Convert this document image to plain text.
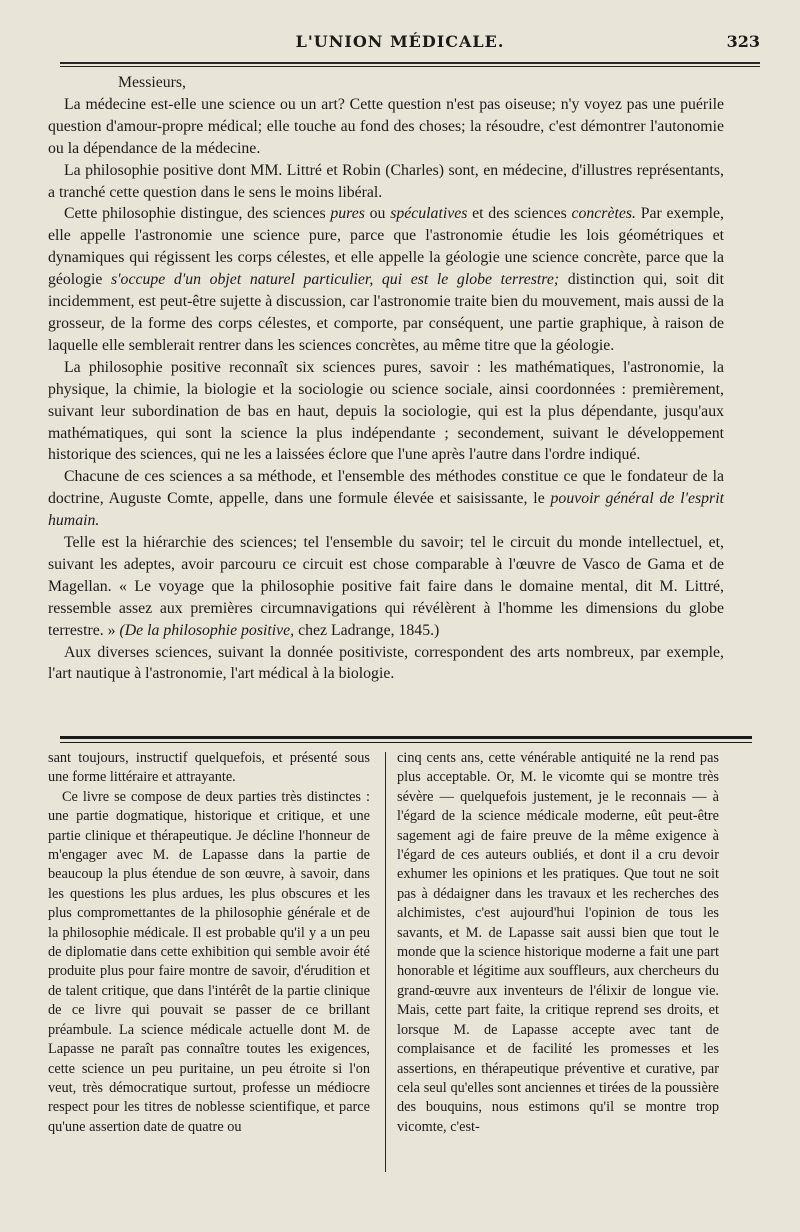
L'UNION MÉDICALE.	323

Messieurs,

La médecine est-elle une science ou un art? Cette question n'est pas oiseuse; n'y voyez pas une puérile question d'amour-propre médical; elle touche au fond des choses; la résoudre, c'est démontrer l'autonomie ou la dépendance de la médecine.

La philosophie positive dont MM. Littré et Robin (Charles) sont, en médecine, d'illustres représentants, a tranché cette question dans le sens le moins libéral.

Cette philosophie distingue, des sciences pures ou spéculatives et des sciences concrètes. Par exemple, elle appelle l'astronomie une science pure, parce que l'astronomie étudie les lois géométriques et dynamiques qui régissent les corps célestes, et elle appelle la géologie une science concrète, parce que la géologie s'occupe d'un objet naturel particulier, qui est le globe terrestre; distinction qui, soit dit incidemment, est peut-être sujette à discussion, car l'astronomie traite bien du mouvement, mais aussi de la grosseur, de la forme des corps célestes, et comporte, par conséquent, une partie graphique, à raison de laquelle elle semblerait rentrer dans les sciences concrètes, au même titre que la géologie.

La philosophie positive reconnaît six sciences pures, savoir : les mathématiques, l'astronomie, la physique, la chimie, la biologie et la sociologie ou science sociale, ainsi coordonnées : premièrement, suivant leur subordination de bas en haut, depuis la sociologie, qui est la plus dépendante, jusqu'aux mathématiques, qui sont la science la plus indépendante ; secondement, suivant le développement historique des sciences, qui ne les a laissées éclore que l'une après l'autre dans l'ordre indiqué.

Chacune de ces sciences a sa méthode, et l'ensemble des méthodes constitue ce que le fondateur de la doctrine, Auguste Comte, appelle, dans une formule élevée et saisissante, le pouvoir général de l'esprit humain.

Telle est la hiérarchie des sciences; tel l'ensemble du savoir; tel le circuit du monde intellectuel, et, suivant les adeptes, avoir parcouru ce circuit est chose comparable à l'œuvre de Vasco de Gama et de Magellan. « Le voyage que la philosophie positive fait faire dans le domaine mental, dit M. Littré, ressemble assez aux premières circumnavigations qui révélèrent à l'homme les dimensions du globe terrestre. » (De la philosophie positive, chez Ladrange, 1845.)

Aux diverses sciences, suivant la donnée positiviste, correspondent des arts nombreux, par exemple, l'art nautique à l'astronomie, l'art médical à la biologie.

sant toujours, instructif quelquefois, et présenté sous une forme littéraire et attrayante.

Ce livre se compose de deux parties très distinctes : une partie dogmatique, historique et critique, et une partie clinique et thérapeutique. Je décline l'honneur de m'engager avec M. de Lapasse dans la partie de beaucoup la plus étendue de son œuvre, à savoir, dans les questions les plus ardues, les plus obscures et les plus compromettantes de la philosophie générale et de la philosophie médicale. Il est probable qu'il y a un peu de diplomatie dans cette exhibition qui semble avoir été produite plus pour faire montre de savoir, d'érudition et de talent critique, que dans l'intérêt de la partie clinique de ce livre qui pouvait se passer de ce brillant préambule. La science médicale actuelle dont M. de Lapasse ne paraît pas connaître toutes les exigences, cette science un peu puritaine, un peu étroite si l'on veut, très démocratique surtout, professe un médiocre respect pour les titres de noblesse scientifique, et parce qu'une assertion date de quatre ou

cinq cents ans, cette vénérable antiquité ne la rend pas plus acceptable. Or, M. le vicomte qui se montre très sévère — quelquefois justement, je le reconnais — à l'égard de la science médicale moderne, eût peut-être sagement agi de faire preuve de la même exigence à l'égard de ces auteurs oubliés, et dont il a cru devoir exhumer les opinions et les pratiques. Que tout ne soit pas à dédaigner dans les travaux et les recherches des alchimistes, c'est aujourd'hui l'opinion de tous les savants, et M. de Lapasse sait aussi bien que tout le monde que la science historique moderne a fait une part honorable et légitime aux souffleurs, aux chercheurs du grand-œuvre aux inventeurs de l'élixir de longue vie. Mais, cette part faite, la critique reprend ses droits, et lorsque M. de Lapasse accepte avec tant de complaisance et de facilité les promesses et les assertions, en thérapeutique préventive et curative, par cela seul qu'elles sont anciennes et tirées de la poussière des bouquins, nous estimons qu'il se montre trop vicomte, c'est-
